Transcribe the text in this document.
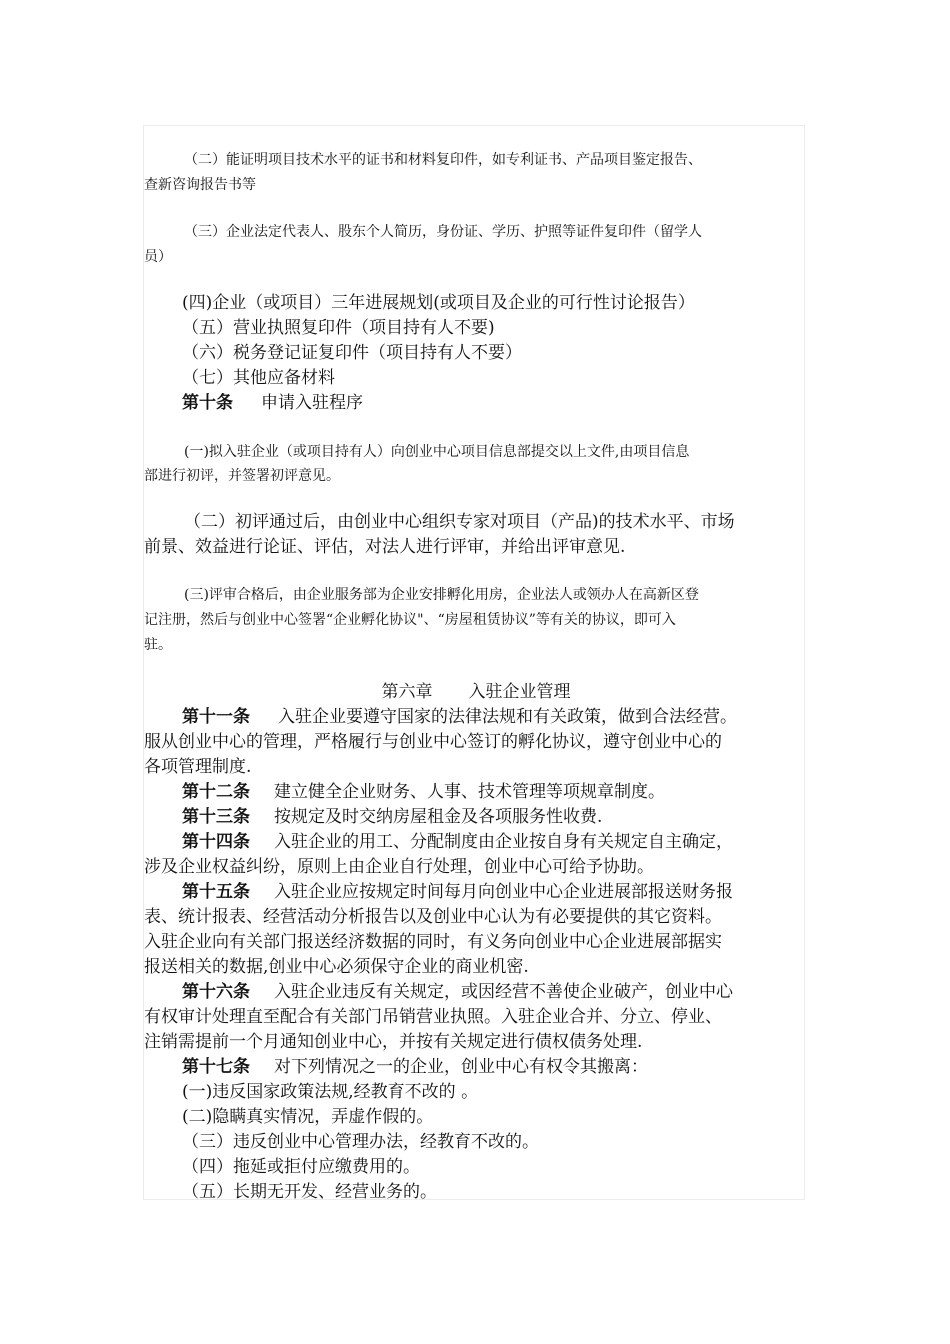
（二）能证明项目技术水平的证书和材料复印件，如专利证书、产品项目鉴定报告、

查新咨询报告书等

（三）企业法定代表人、股东个人简历，身份证、学历、护照等证件复印件（留学人

员）

(四)企业（或项目）三年进展规划(或项目及企业的可行性讨论报告）

（五）营业执照复印件（项目持有人不要)

（六）税务登记证复印件（项目持有人不要）

（七）其他应备材料

第十条 申请入驻程序

(一)拟入驻企业（或项目持有人）向创业中心项目信息部提交以上文件,由项目信息

部进行初评，并签署初评意见。

（二）初评通过后，由创业中心组织专家对项目（产品)的技术水平、市场

前景、效益进行论证、评估，对法人进行评审，并给出评审意见.

(三)评审合格后，由企业服务部为企业安排孵化用房，企业法人或领办人在高新区登

记注册，然后与创业中心签署“企业孵化协议"、“房屋租赁协议”等有关的协议，即可入

驻。

第六章 入驻企业管理

第十一条 入驻企业要遵守国家的法律法规和有关政策，做到合法经营。

服从创业中心的管理，严格履行与创业中心签订的孵化协议，遵守创业中心的

各项管理制度.

第十二条 建立健全企业财务、人事、技术管理等项规章制度。

第十三条 按规定及时交纳房屋租金及各项服务性收费.

第十四条 入驻企业的用工、分配制度由企业按自身有关规定自主确定，

涉及企业权益纠纷，原则上由企业自行处理，创业中心可给予协助。

第十五条 入驻企业应按规定时间每月向创业中心企业进展部报送财务报

表、统计报表、经营活动分析报告以及创业中心认为有必要提供的其它资料。

入驻企业向有关部门报送经济数据的同时，有义务向创业中心企业进展部据实

报送相关的数据,创业中心必须保守企业的商业机密.

第十六条 入驻企业违反有关规定，或因经营不善使企业破产，创业中心

有权审计处理直至配合有关部门吊销营业执照。入驻企业合并、分立、停业、

注销需提前一个月通知创业中心，并按有关规定进行债权债务处理.

第十七条 对下列情况之一的企业，创业中心有权令其搬离：

(一)违反国家政策法规,经教育不改的 。

(二)隐瞒真实情况，弄虚作假的。

（三）违反创业中心管理办法，经教育不改的。

（四）拖延或拒付应缴费用的。

（五）长期无开发、经营业务的。
